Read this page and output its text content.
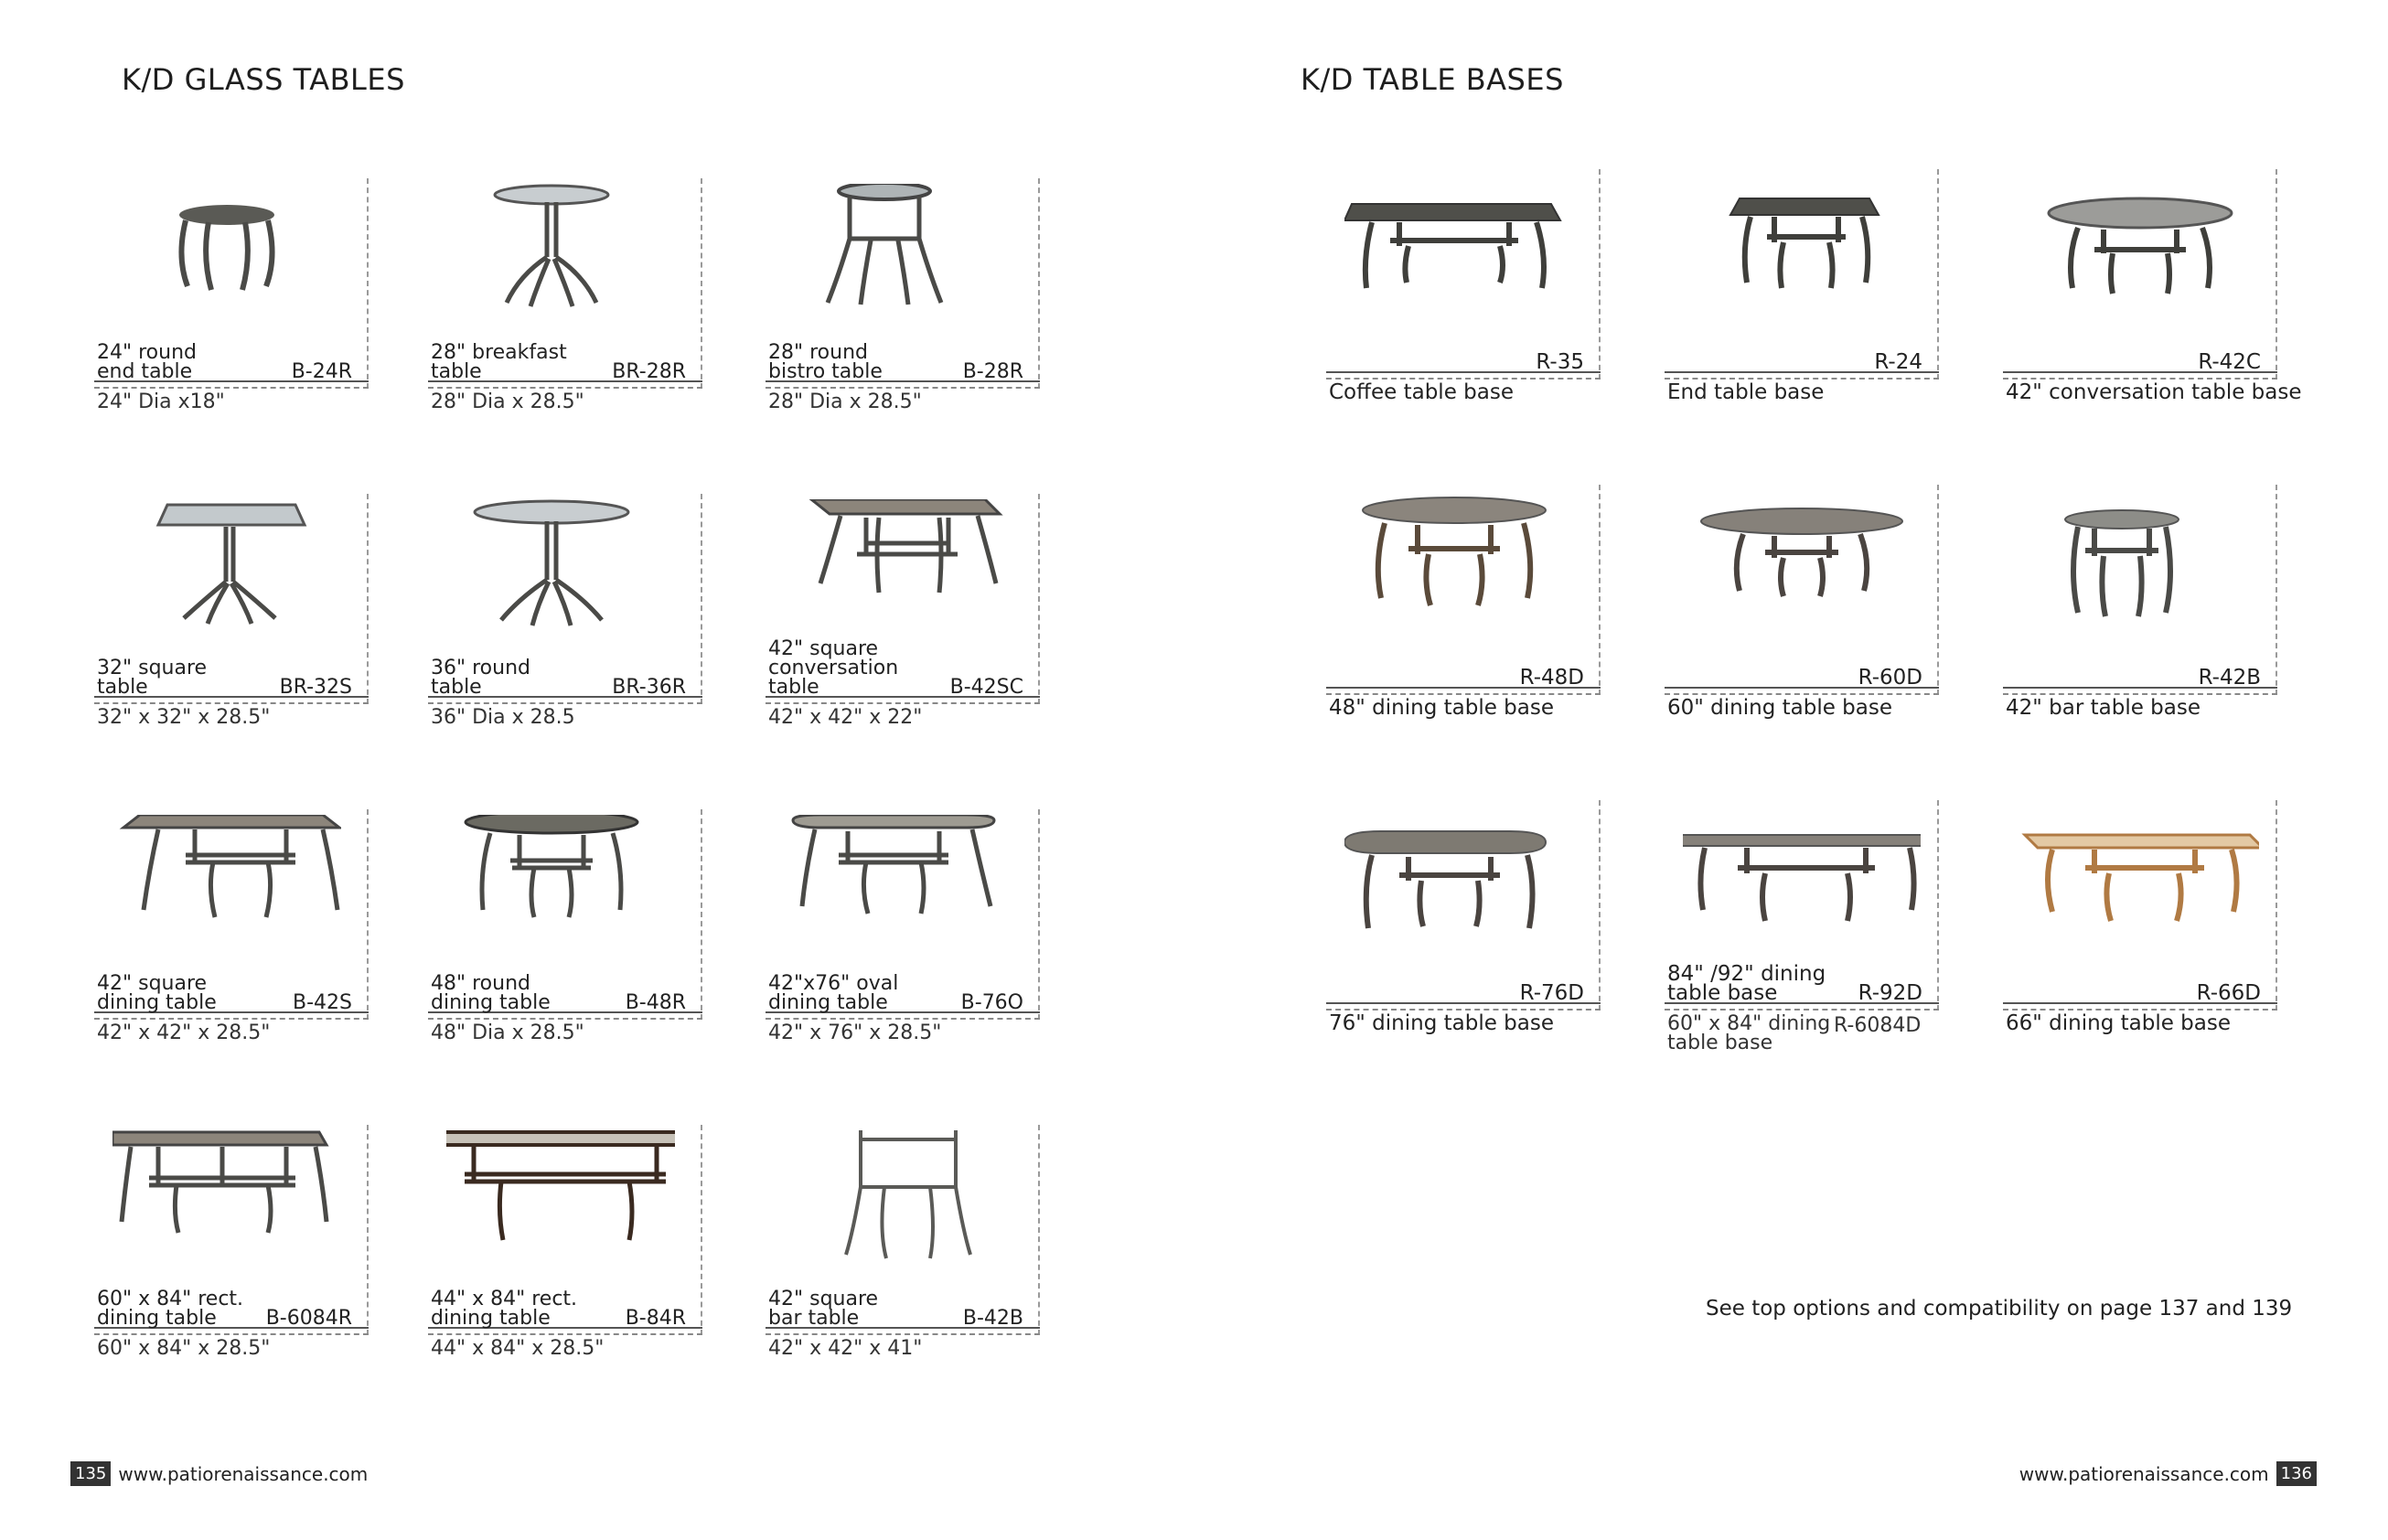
K/D GLASS TABLES	K/D TABLE BASES
24" round
end table	B-24R
24" Dia x18"
28" breakfast
table	BR-28R
28" Dia x 28.5"
28" round
bistro table	B-28R
28" Dia x 28.5"
32" square
table	BR-32S
32" x 32" x 28.5"
36" round
table	BR-36R
36" Dia x 28.5
42" square
conversation
table	B-42SC
42" x 42" x 22"
42" square
dining table	B-42S
42" x 42" x 28.5"
48" round
dining table	B-48R
48" Dia x 28.5"
42"x76" oval
dining table	B-76O
42" x 76" x 28.5"
60" x 84" rect.
dining table	B-6084R
60" x 84" x 28.5"
44" x 84" rect.
dining table	B-84R
44" x 84" x 28.5"
42" square
bar table	B-42B
42" x 42" x 41"
R-35
Coffee table base
R-24
End table base
R-42C
42" conversation table base
R-48D
48" dining table base
R-60D
60" dining table base
R-42B
42" bar table base
R-76D
76" dining table base
84" /92" dining
table base	R-92D
60" x 84" dining
table base
R-6084D
R-66D
66" dining table base
See top options and compatibility on page 137 and 139
135 www.patiorenaissance.com	www.patiorenaissance.com 136
